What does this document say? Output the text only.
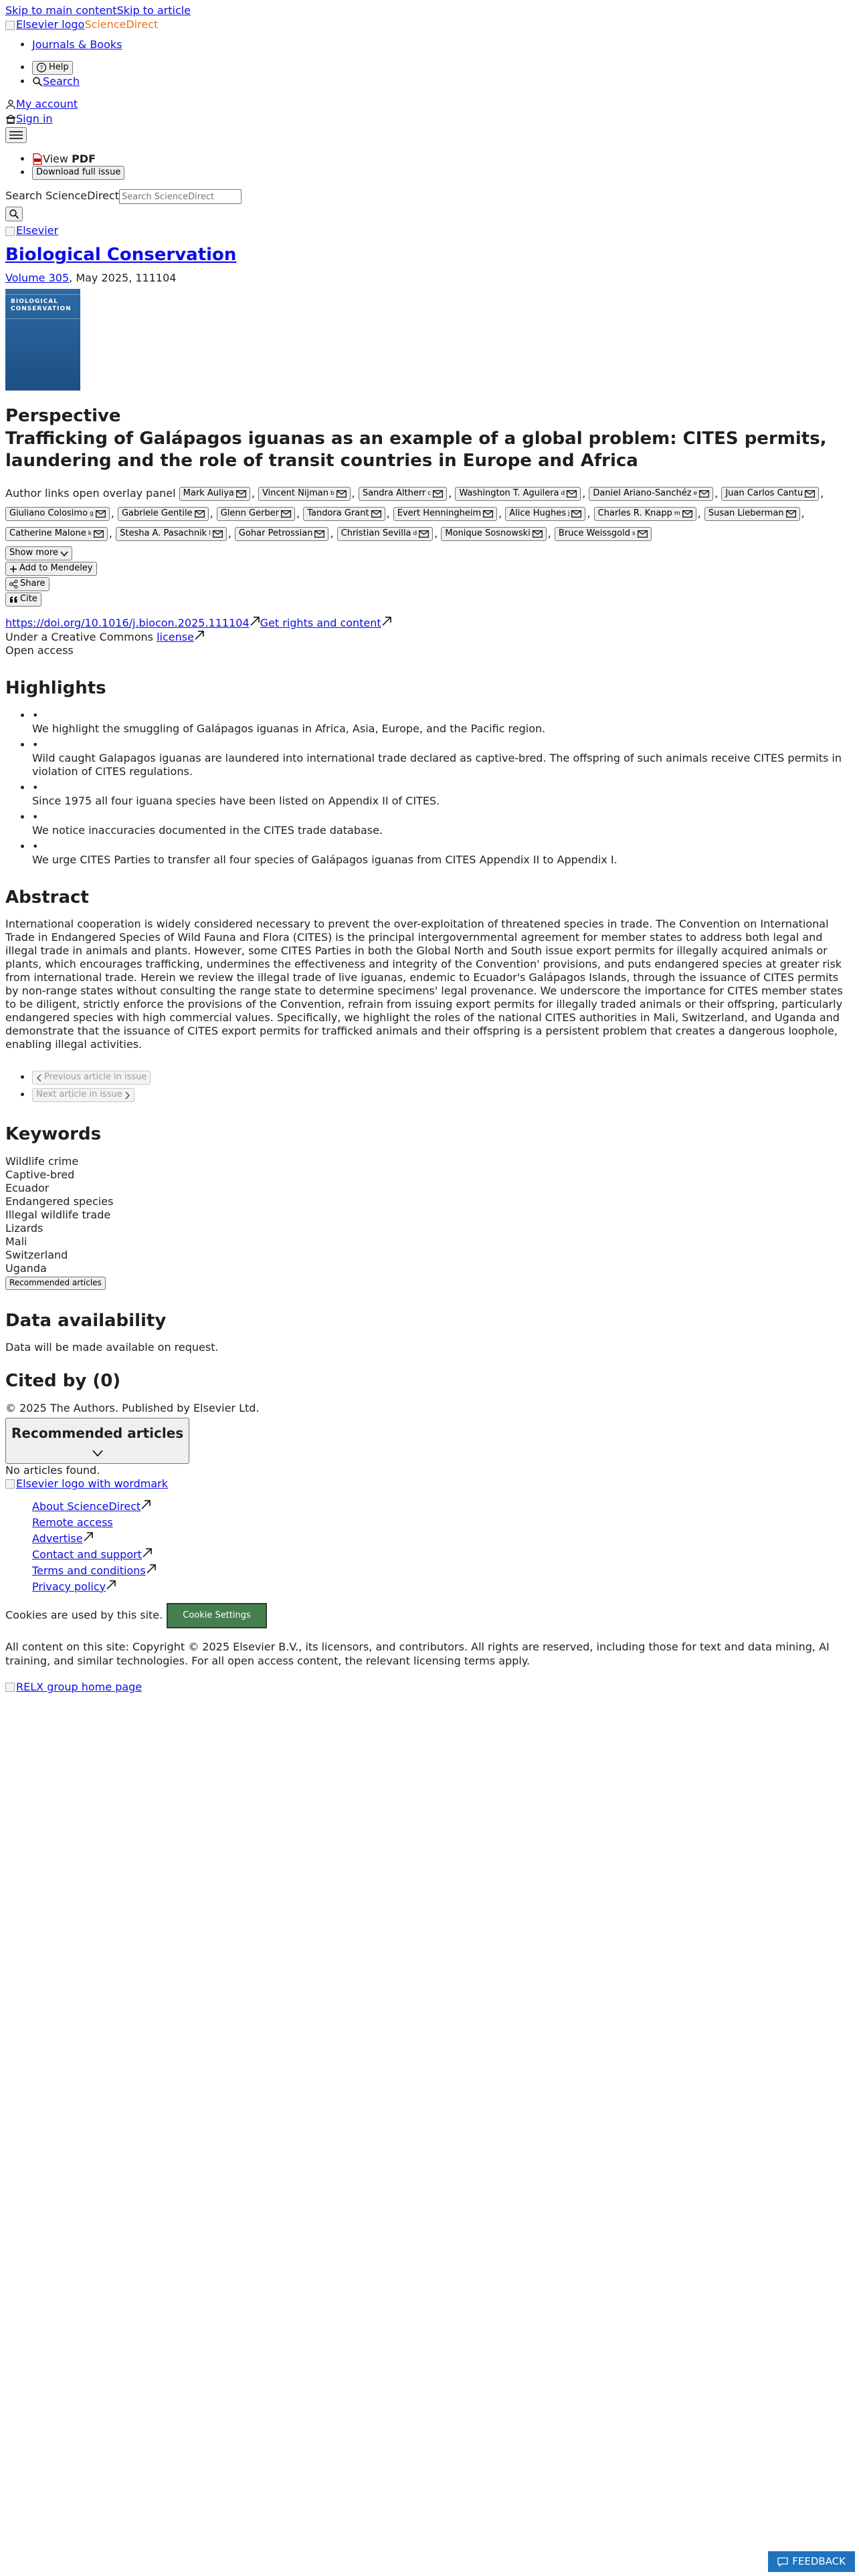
Skip to main contentSkip to article
Elsevier logoScienceDirect
• Journals & Books
• ? Help
• Search
My account
Sign in
• View PDF
• Download full issue
Search ScienceDirectSearch ScienceDirect
Elsevier
Biological Conservation
Volume 305, May 2025, 111104
BIOLOGICAL CONSERVATION
Perspective
Trafficking of Galápagos iguanas as an example of a global problem: CITES permits, laundering and the role of transit countries in Europe and Africa
Author links open overlay panel Mark Auliya , Vincent Nijman b , Sandra Altherr c , Washington T. Aguilera d , Daniel Ariano-Sanchéz e , Juan Carlos Cantu ,
Giuliano Colosimo g , Gabriele Gentile , Glenn Gerber , Tandora Grant , Evert Henningheim , Alice Hughes j , Charles R. Knapp m , Susan Lieberman ,
Catherine Malone k , Stesha A. Pasachnik l , Gohar Petrossian , Christian Sevilla d , Monique Sosnowski , Bruce Weissgold s
Show more
Add to Mendeley
Share
Cite
https://doi.org/10.1016/j.biocon.2025.111104 Get rights and content
Under a Creative Commons license
Open access
Highlights
• •
We highlight the smuggling of Galápagos iguanas in Africa, Asia, Europe, and the Pacific region.
• •
Wild caught Galapagos iguanas are laundered into international trade declared as captive-bred. The offspring of such animals receive CITES permits in violation of CITES regulations.
• •
Since 1975 all four iguana species have been listed on Appendix II of CITES.
• •
We notice inaccuracies documented in the CITES trade database.
• •
We urge CITES Parties to transfer all four species of Galápagos iguanas from CITES Appendix II to Appendix I.
Abstract

International cooperation is widely considered necessary to prevent the over-exploitation of threatened species in trade. The Convention on International Trade in Endangered Species of Wild Fauna and Flora (CITES) is the principal intergovernmental agreement for member states to address both legal and illegal trade in animals and plants. However, some CITES Parties in both the Global North and South issue export permits for illegally acquired animals or plants, which encourages trafficking, undermines the effectiveness and integrity of the Convention' provisions, and puts endangered species at greater risk from international trade. Herein we review the illegal trade of live iguanas, endemic to Ecuador's Galápagos Islands, through the issuance of CITES permits by non-range states without consulting the range state to determine specimens' legal provenance. We underscore the importance for CITES member states to be diligent, strictly enforce the provisions of the Convention, refrain from issuing export permits for illegally traded animals or their offspring, particularly endangered species with high commercial values. Specifically, we highlight the roles of the national CITES authorities in Mali, Switzerland, and Uganda and demonstrate that the issuance of CITES export permits for trafficked animals and their offspring is a persistent problem that creates a dangerous loophole, enabling illegal activities.

• Previous article in issue
• Next article in issue
Keywords
Wildlife crime
Captive-bred
Ecuador
Endangered species
Illegal wildlife trade
Lizards
Mali
Switzerland
Uganda
Recommended articles
Data availability
Data will be made available on request.
Cited by (0)
© 2025 The Authors. Published by Elsevier Ltd.
Recommended articles
No articles found.
Elsevier logo with wordmark
About ScienceDirect
Remote access
Advertise
Contact and support
Terms and conditions
Privacy policy
Cookies are used by this site. Cookie Settings
All content on this site: Copyright © 2025 Elsevier B.V., its licensors, and contributors. All rights are reserved, including those for text and data mining, AI training, and similar technologies. For all open access content, the relevant licensing terms apply.
RELX group home page
FEEDBACK
